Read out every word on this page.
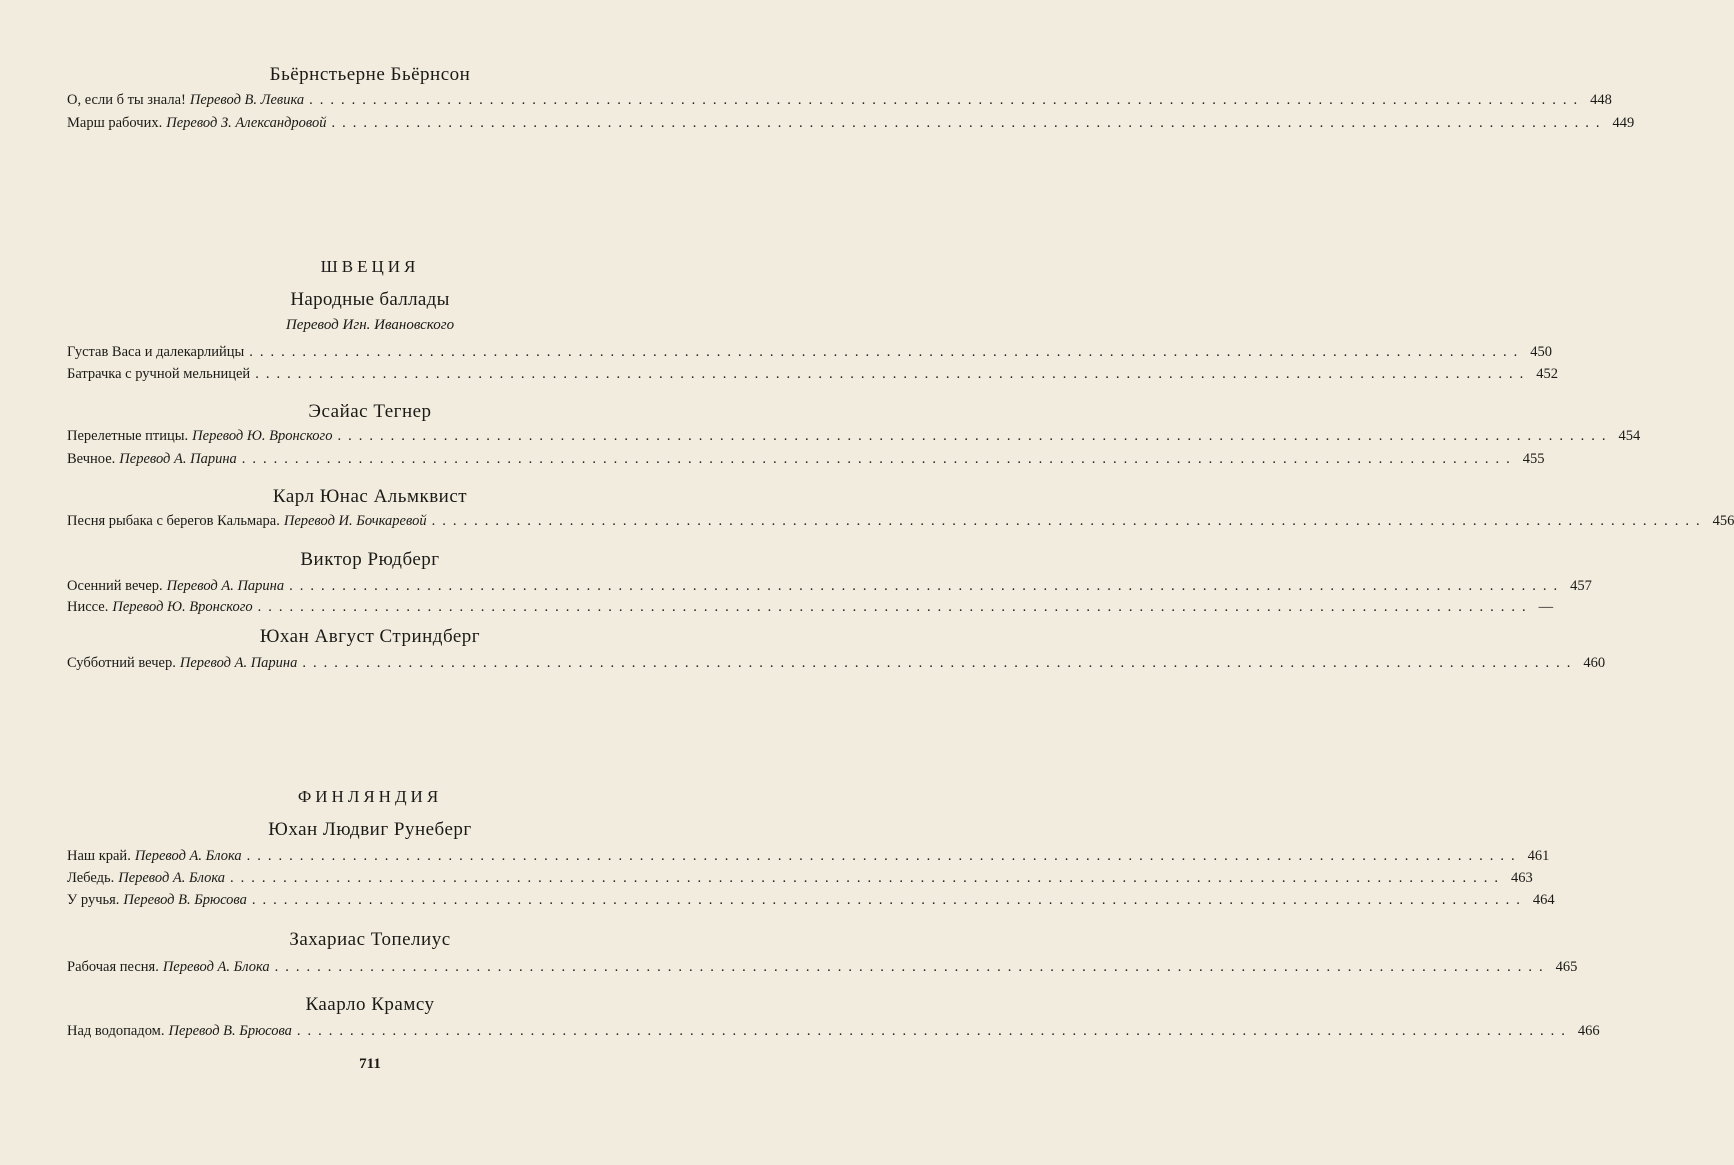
Бьёрнстьерне Бьёрнсон
О, если б ты знала! Перевод В. Левика ........................................................................................................................ 448
Марш рабочих. Перевод З. Александровой ........................................................................................................................ 449
ШВЕЦИЯ
Народные баллады
Перевод Игн. Ивановского
Густав Васа и далекарлийцы ........................................................................................................................ 450
Батрачка с ручной мельницей ........................................................................................................................ 452
Эсайас Тегнер
Перелетные птицы. Перевод Ю. Вронского ........................................................................................................................ 454
Вечное. Перевод А. Парина ........................................................................................................................ 455
Карл Юнас Альмквист
Песня рыбака с берегов Кальмара. Перевод И. Бочкаревой ........................................................................................................................ 456
Виктор Рюдберг
Осенний вечер. Перевод А. Парина ........................................................................................................................ 457
Ниссе. Перевод Ю. Вронского ........................................................................................................................ —
Юхан Август Стриндберг
Субботний вечер. Перевод А. Парина ........................................................................................................................ 460
ФИНЛЯНДИЯ
Юхан Людвиг Рунеберг
Наш край. Перевод А. Блока ........................................................................................................................ 461
Лебедь. Перевод А. Блока ........................................................................................................................ 463
У ручья. Перевод В. Брюсова ........................................................................................................................ 464
Захариас Топелиус
Рабочая песня. Перевод А. Блока ........................................................................................................................ 465
Каарло Крамсу
Над водопадом. Перевод В. Брюсова ........................................................................................................................ 466
711
